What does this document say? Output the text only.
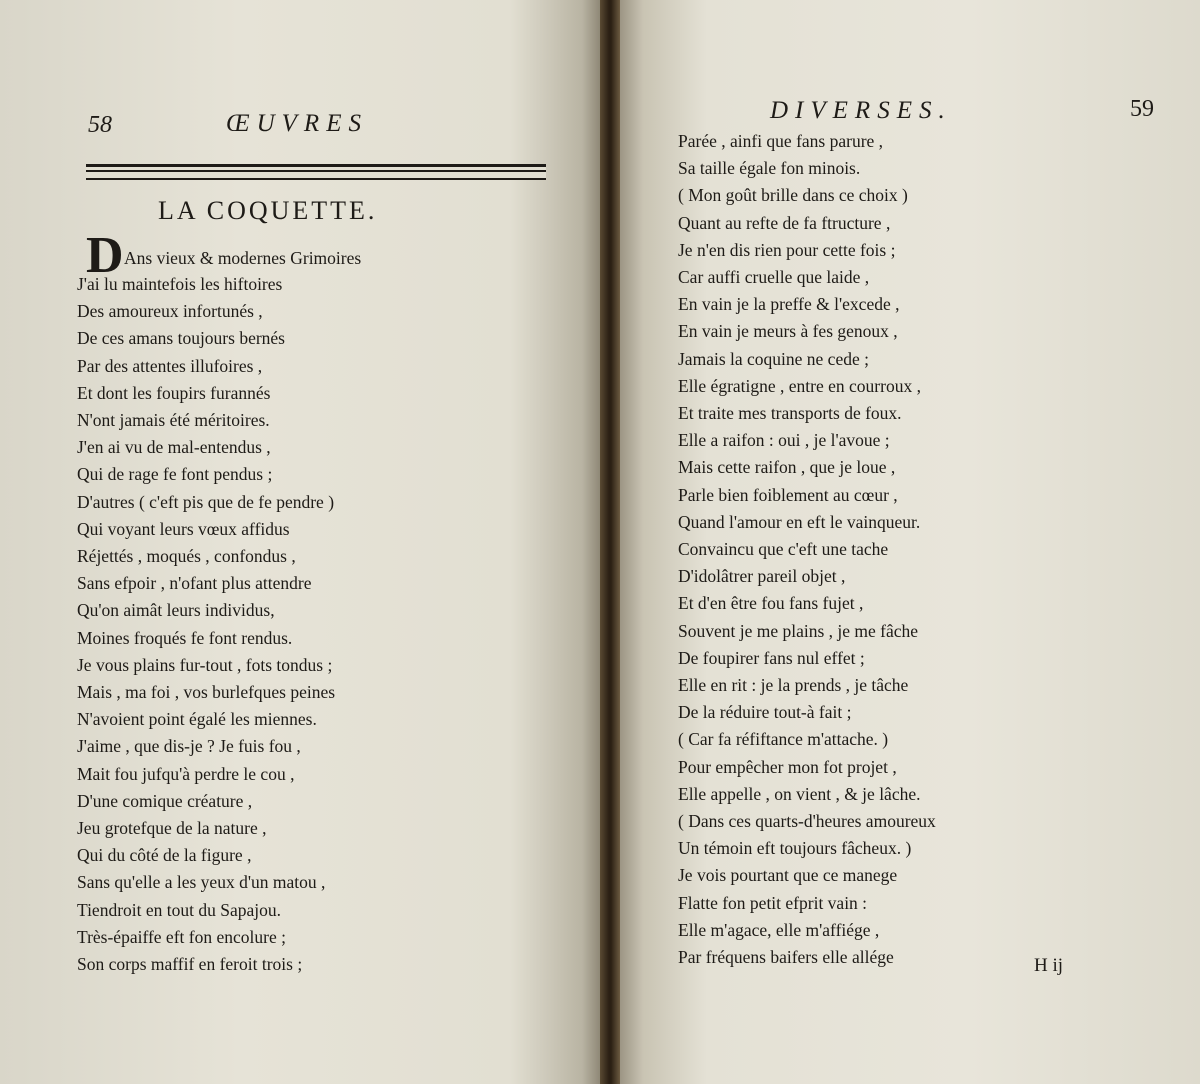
58	ŒUVRES
LA COQUETTE.
D Ans vieux & modernes Grimoires
J'ai lu maintefois les hiftoires
Des amoureux infortunés ,
De ces amans toujours bernés
Par des attentes illufoires ,
Et dont les foupirs furannés
N'ont jamais été méritoires.
J'en ai vu de mal-entendus ,
Qui de rage fe font pendus ;
D'autres ( c'eft pis que de fe pendre )
Qui voyant leurs vœux affidus
Réjettés , moqués , confondus ,
Sans efpoir , n'ofant plus attendre
Qu'on aimât leurs individus,
Moines froqués fe font rendus.
Je vous plains fur-tout , fots tondus ;
Mais , ma foi , vos burlefques peines
N'avoient point égalé les miennes.
J'aime , que dis-je ? Je fuis fou ,
Mait fou jufqu'à perdre le cou ,
D'une comique créature ,
Jeu grotefque de la nature ,
Qui du côté de la figure ,
Sans qu'elle a les yeux d'un matou ,
Tiendroit en tout du Sapajou.
Très-épaiffe eft fon encolure ;
Son corps maffif en feroit trois ;
DIVERSES.	59
Parée , ainfi que fans parure ,
Sa taille égale fon minois.
( Mon goût brille dans ce choix )
Quant au refte de fa ftructure ,
Je n'en dis rien pour cette fois ;
Car auffi cruelle que laide ,
En vain je la preffe & l'excede ,
En vain je meurs à fes genoux ,
Jamais la coquine ne cede ;
Elle égratigne , entre en courroux ,
Et traite mes transports de foux.
Elle a raifon : oui , je l'avoue ;
Mais cette raifon , que je loue ,
Parle bien foiblement au cœur ,
Quand l'amour en eft le vainqueur.
Convaincu que c'eft une tache
D'idolâtrer pareil objet ,
Et d'en être fou fans fujet ,
Souvent je me plains , je me fâche
De foupirer fans nul effet ;
Elle en rit : je la prends , je tâche
De la réduire tout-à fait ;
( Car fa réfiftance m'attache. )
Pour empêcher mon fot projet ,
Elle appelle , on vient , & je lâche.
( Dans ces quarts-d'heures amoureux
Un témoin eft toujours fâcheux. )
Je vois pourtant que ce manege
Flatte fon petit efprit vain :
Elle m'agace, elle m'affiége ,
Par fréquens baifers elle allége	H ij
